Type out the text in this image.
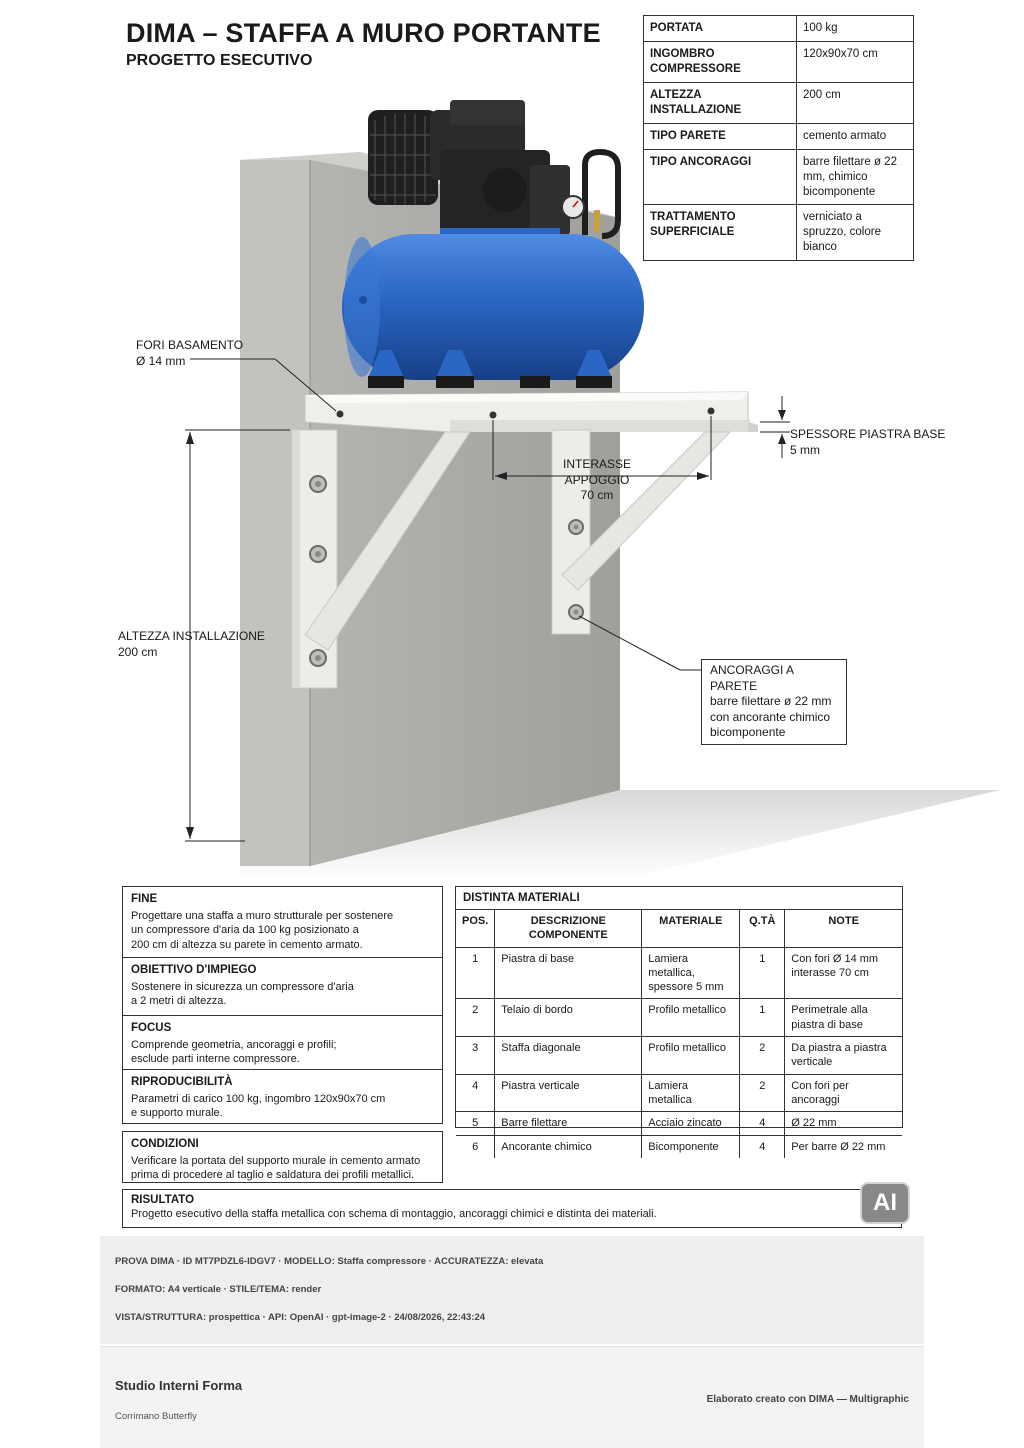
DIMA – STAFFA A MURO PORTANTE
PROGETTO ESECUTIVO
PORTATA	100 kg
INGOMBRO COMPRESSORE	120x90x70 cm
ALTEZZA INSTALLAZIONE	200 cm
TIPO PARETE	cemento armato
TIPO ANCORAGGI	barre filettare ø 22 mm, chimico bicomponente
TRATTAMENTO SUPERFICIALE	verniciato a spruzzo, colore bianco
FORI BASAMENTO
Ø 14 mm
SPESSORE PIASTRA BASE
5 mm
INTERASSE APPOGGIO
70 cm
ALTEZZA INSTALLAZIONE
200 cm
ANCORAGGI A PARETE
barre filettare ø 22 mm
con ancorante chimico
bicomponente
FINE

Progettare una staffa a muro strutturale per sostenere
un compressore d'aria da 100 kg posizionato a
200 cm di altezza su parete in cemento armato.

OBIETTIVO D'IMPIEGO

Sostenere in sicurezza un compressore d'aria
a 2 metri di altezza.

FOCUS

Comprende geometria, ancoraggi e profili;
esclude parti interne compressore.

RIPRODUCIBILITÀ

Parametri di carico 100 kg, ingombro 120x90x70 cm
e supporto murale.

CONDIZIONI

Verificare la portata del supporto murale in cemento armato
prima di procedere al taglio e saldatura dei profili metallici.

DISTINTA MATERIALI
POS.	DESCRIZIONE COMPONENTE	MATERIALE	Q.TÀ	NOTE
1	Piastra di base	Lamiera metallica, spessore 5 mm	1	Con fori Ø 14 mm interasse 70 cm
2	Telaio di bordo	Profilo metallico	1	Perimetrale alla piastra di base
3	Staffa diagonale	Profilo metallico	2	Da piastra a piastra verticale
4	Piastra verticale	Lamiera metallica	2	Con fori per ancoraggi
5	Barre filettare	Acciaio zincato	4	Ø 22 mm
6	Ancorante chimico	Bicomponente	4	Per barre Ø 22 mm
RISULTATO

Progetto esecutivo della staffa metallica con schema di montaggio, ancoraggi chimici e distinta dei materiali.	AI
PROVA DIMA · ID MT7PDZL6-IDGV7 · MODELLO: Staffa compressore · ACCURATEZZA: elevata
FORMATO: A4 verticale · STILE/TEMA: render
VISTA/STRUTTURA: prospettica · API: OpenAI · gpt-image-2 · 24/08/2026, 22:43:24
Studio Interni Forma
Corrimano Butterfly
Elaborato creato con DIMA — Multigraphic
